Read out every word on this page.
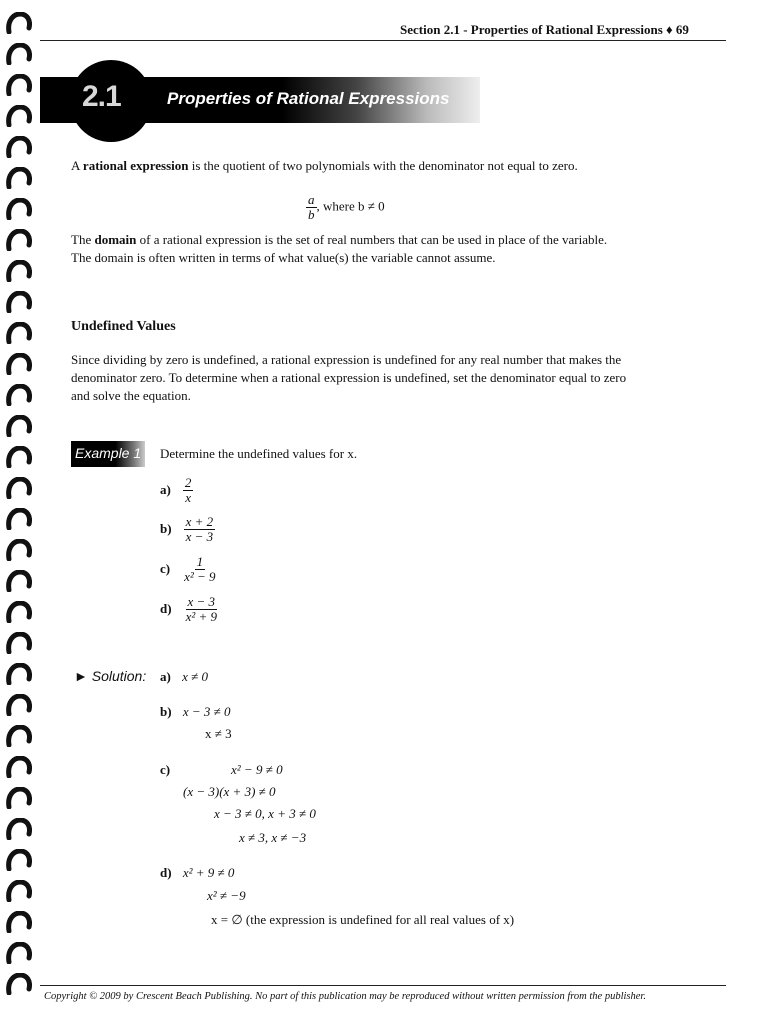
Section 2.1 - Properties of Rational Expressions ♦ 69
2.1	Properties of Rational Expressions
A rational expression is the quotient of two polynomials with the denominator not equal to zero.
$\frac{a}{b}$ , where b ≠ 0
The domain of a rational expression is the set of real numbers that can be used in place of the variable.
The domain is often written in terms of what value(s) the variable cannot assume.
Undefined Values
Since dividing by zero is undefined, a rational expression is undefined for any real number that makes the
denominator zero. To determine when a rational expression is undefined, set the denominator equal to zero
and solve the equation.
Example 1 Determine the undefined values for x.
$a) \frac{2}{x}$
$b) \frac{x + 2}{x - 3}$
$c) \frac{1}{\text{x² − 9}}$
$d) \frac{x - 3}{\text{x² + 9}}$
► Solution: a) x ≠ 0
b) x − 3 ≠ 0
x ≠ 3
c)	x² − 9 ≠ 0
(x − 3)(x + 3) ≠ 0
x − 3 ≠ 0, x + 3 ≠ 0
x ≠ 3, x ≠ −3
d) x² + 9 ≠ 0
x² ≠ −9
x = ∅ (the expression is undefined for all real values of x)
Copyright © 2009 by Crescent Beach Publishing. No part of this publication may be reproduced without written permission from the publisher.
